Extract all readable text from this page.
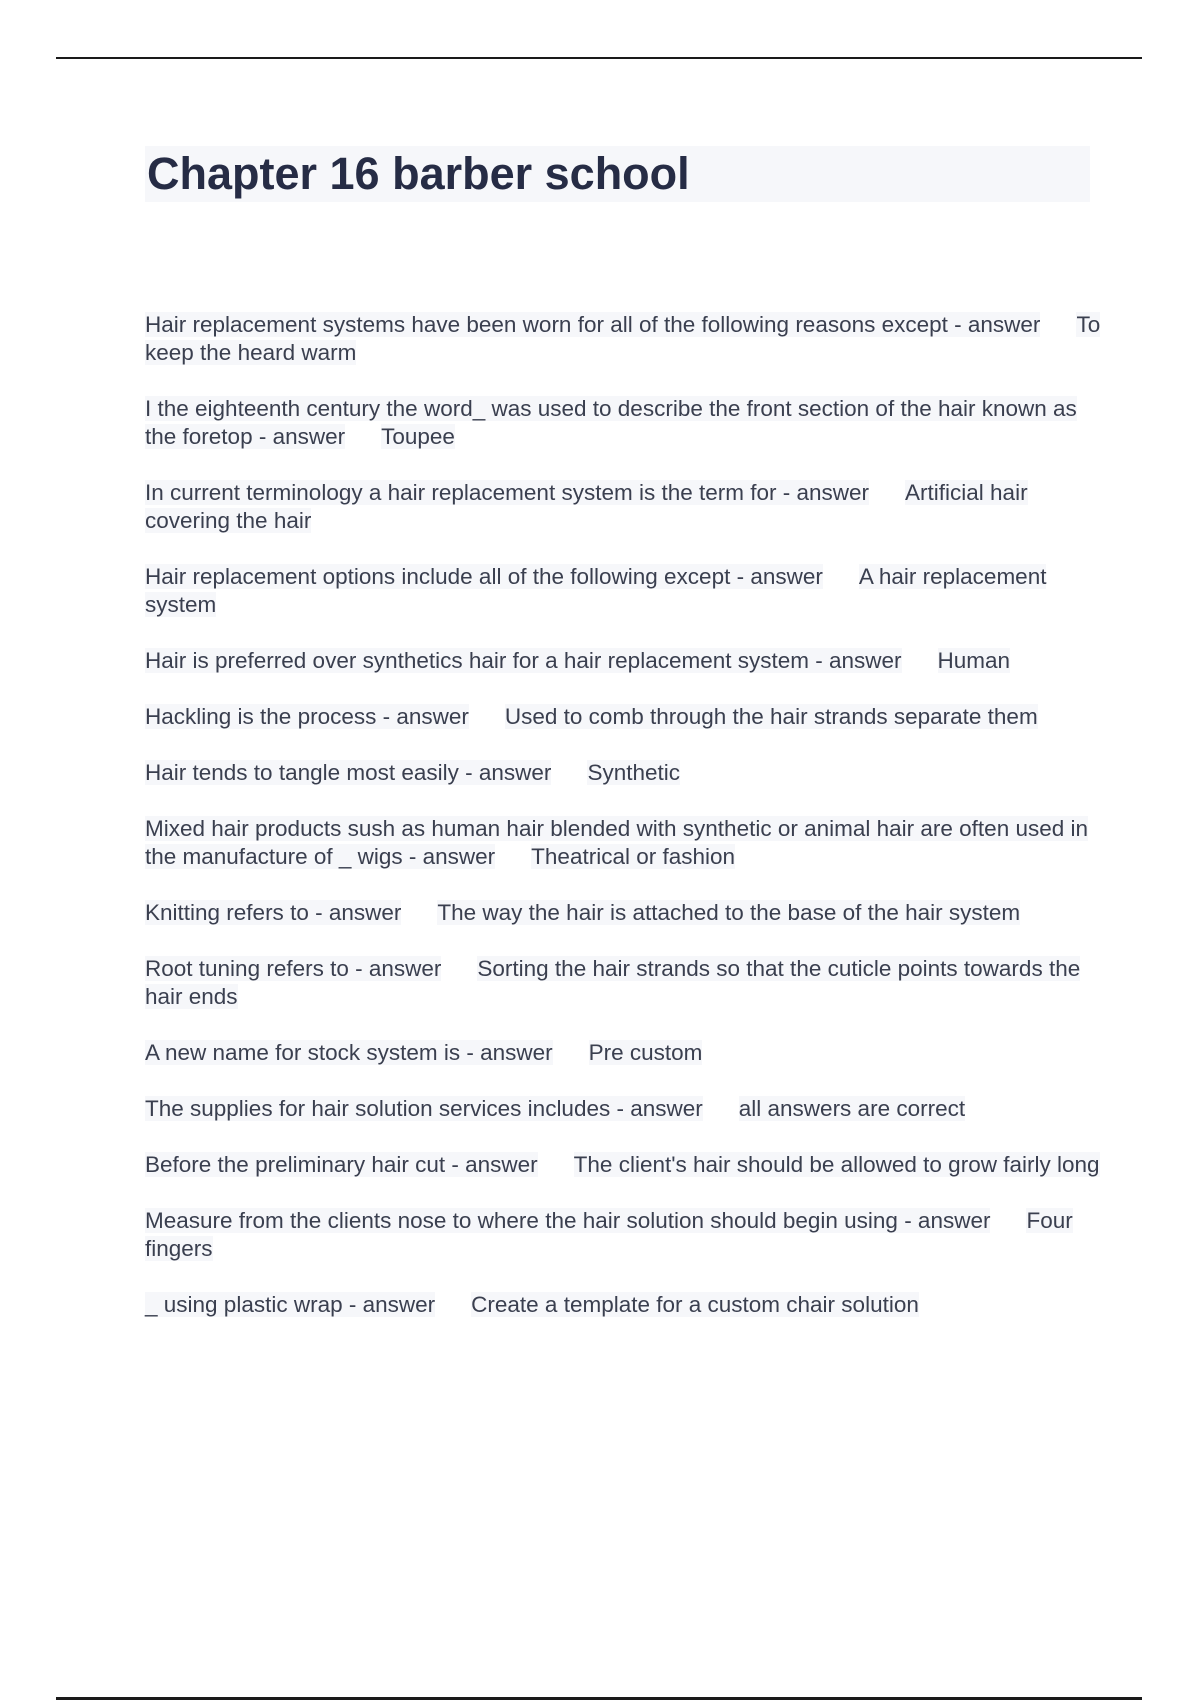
Chapter 16 barber school
Hair replacement systems have been worn for all of the following reasons except - answer To keep the heard warm
I the eighteenth century the word_ was used to describe the front section of the hair known as the foretop - answer Toupee
In current terminology a hair replacement system is the term for - answer Artificial hair covering the hair
Hair replacement options include all of the following except - answer A hair replacement system
Hair is preferred over synthetics hair for a hair replacement system - answer Human
Hackling is the process - answer Used to comb through the hair strands separate them
Hair tends to tangle most easily - answer Synthetic
Mixed hair products sush as human hair blended with synthetic or animal hair are often used in the manufacture of _ wigs - answer Theatrical or fashion
Knitting refers to - answer The way the hair is attached to the base of the hair system
Root tuning refers to - answer Sorting the hair strands so that the cuticle points towards the hair ends
A new name for stock system is - answer Pre custom
The supplies for hair solution services includes - answer all answers are correct
Before the preliminary hair cut - answer The client's hair should be allowed to grow fairly long
Measure from the clients nose to where the hair solution should begin using - answer Four fingers
_ using plastic wrap - answer Create a template for a custom chair solution
